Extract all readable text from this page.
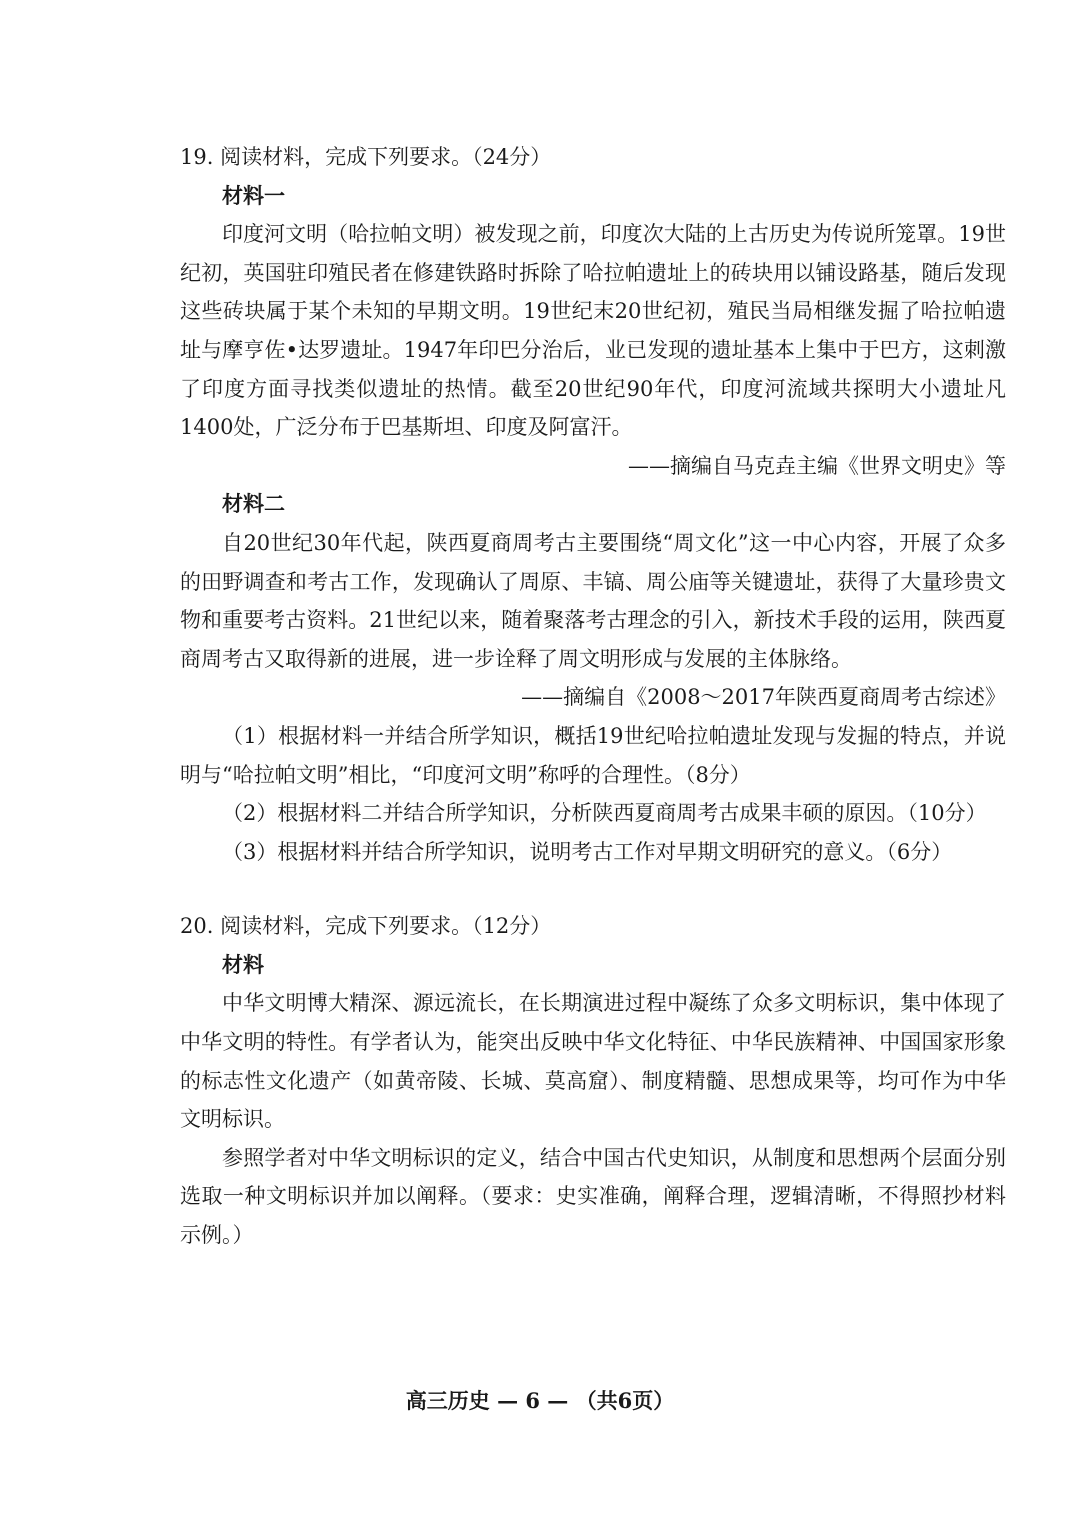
19. 阅读材料，完成下列要求。（24分）
材料一

印度河文明（哈拉帕文明）被发现之前，印度次大陆的上古历史为传说所笼罩。19世纪初，英国驻印殖民者在修建铁路时拆除了哈拉帕遗址上的砖块用以铺设路基，随后发现这些砖块属于某个未知的早期文明。19世纪末20世纪初，殖民当局相继发掘了哈拉帕遗址与摩亨佐•达罗遗址。1947年印巴分治后，业已发现的遗址基本上集中于巴方，这刺激了印度方面寻找类似遗址的热情。截至20世纪90年代，印度河流域共探明大小遗址凡1400处，广泛分布于巴基斯坦、印度及阿富汗。

——摘编自马克垚主编《世界文明史》等

材料二

自20世纪30年代起，陕西夏商周考古主要围绕“周文化”这一中心内容，开展了众多的田野调查和考古工作，发现确认了周原、丰镐、周公庙等关键遗址，获得了大量珍贵文物和重要考古资料。21世纪以来，随着聚落考古理念的引入，新技术手段的运用，陕西夏商周考古又取得新的进展，进一步诠释了周文明形成与发展的主体脉络。

——摘编自《2008～2017年陕西夏商周考古综述》

（1）根据材料一并结合所学知识，概括19世纪哈拉帕遗址发现与发掘的特点，并说明与“哈拉帕文明”相比，“印度河文明”称呼的合理性。（8分）

（2）根据材料二并结合所学知识，分析陕西夏商周考古成果丰硕的原因。（10分）

（3）根据材料并结合所学知识，说明考古工作对早期文明研究的意义。（6分）

20. 阅读材料，完成下列要求。（12分）
材料

中华文明博大精深、源远流长，在长期演进过程中凝练了众多文明标识，集中体现了中华文明的特性。有学者认为，能突出反映中华文化特征、中华民族精神、中国国家形象的标志性文化遗产（如黄帝陵、长城、莫高窟）、制度精髓、思想成果等，均可作为中华文明标识。

参照学者对中华文明标识的定义，结合中国古代史知识，从制度和思想两个层面分别选取一种文明标识并加以阐释。（要求：史实准确，阐释合理，逻辑清晰，不得照抄材料示例。）

高三历史 — 6 — （共6页）
